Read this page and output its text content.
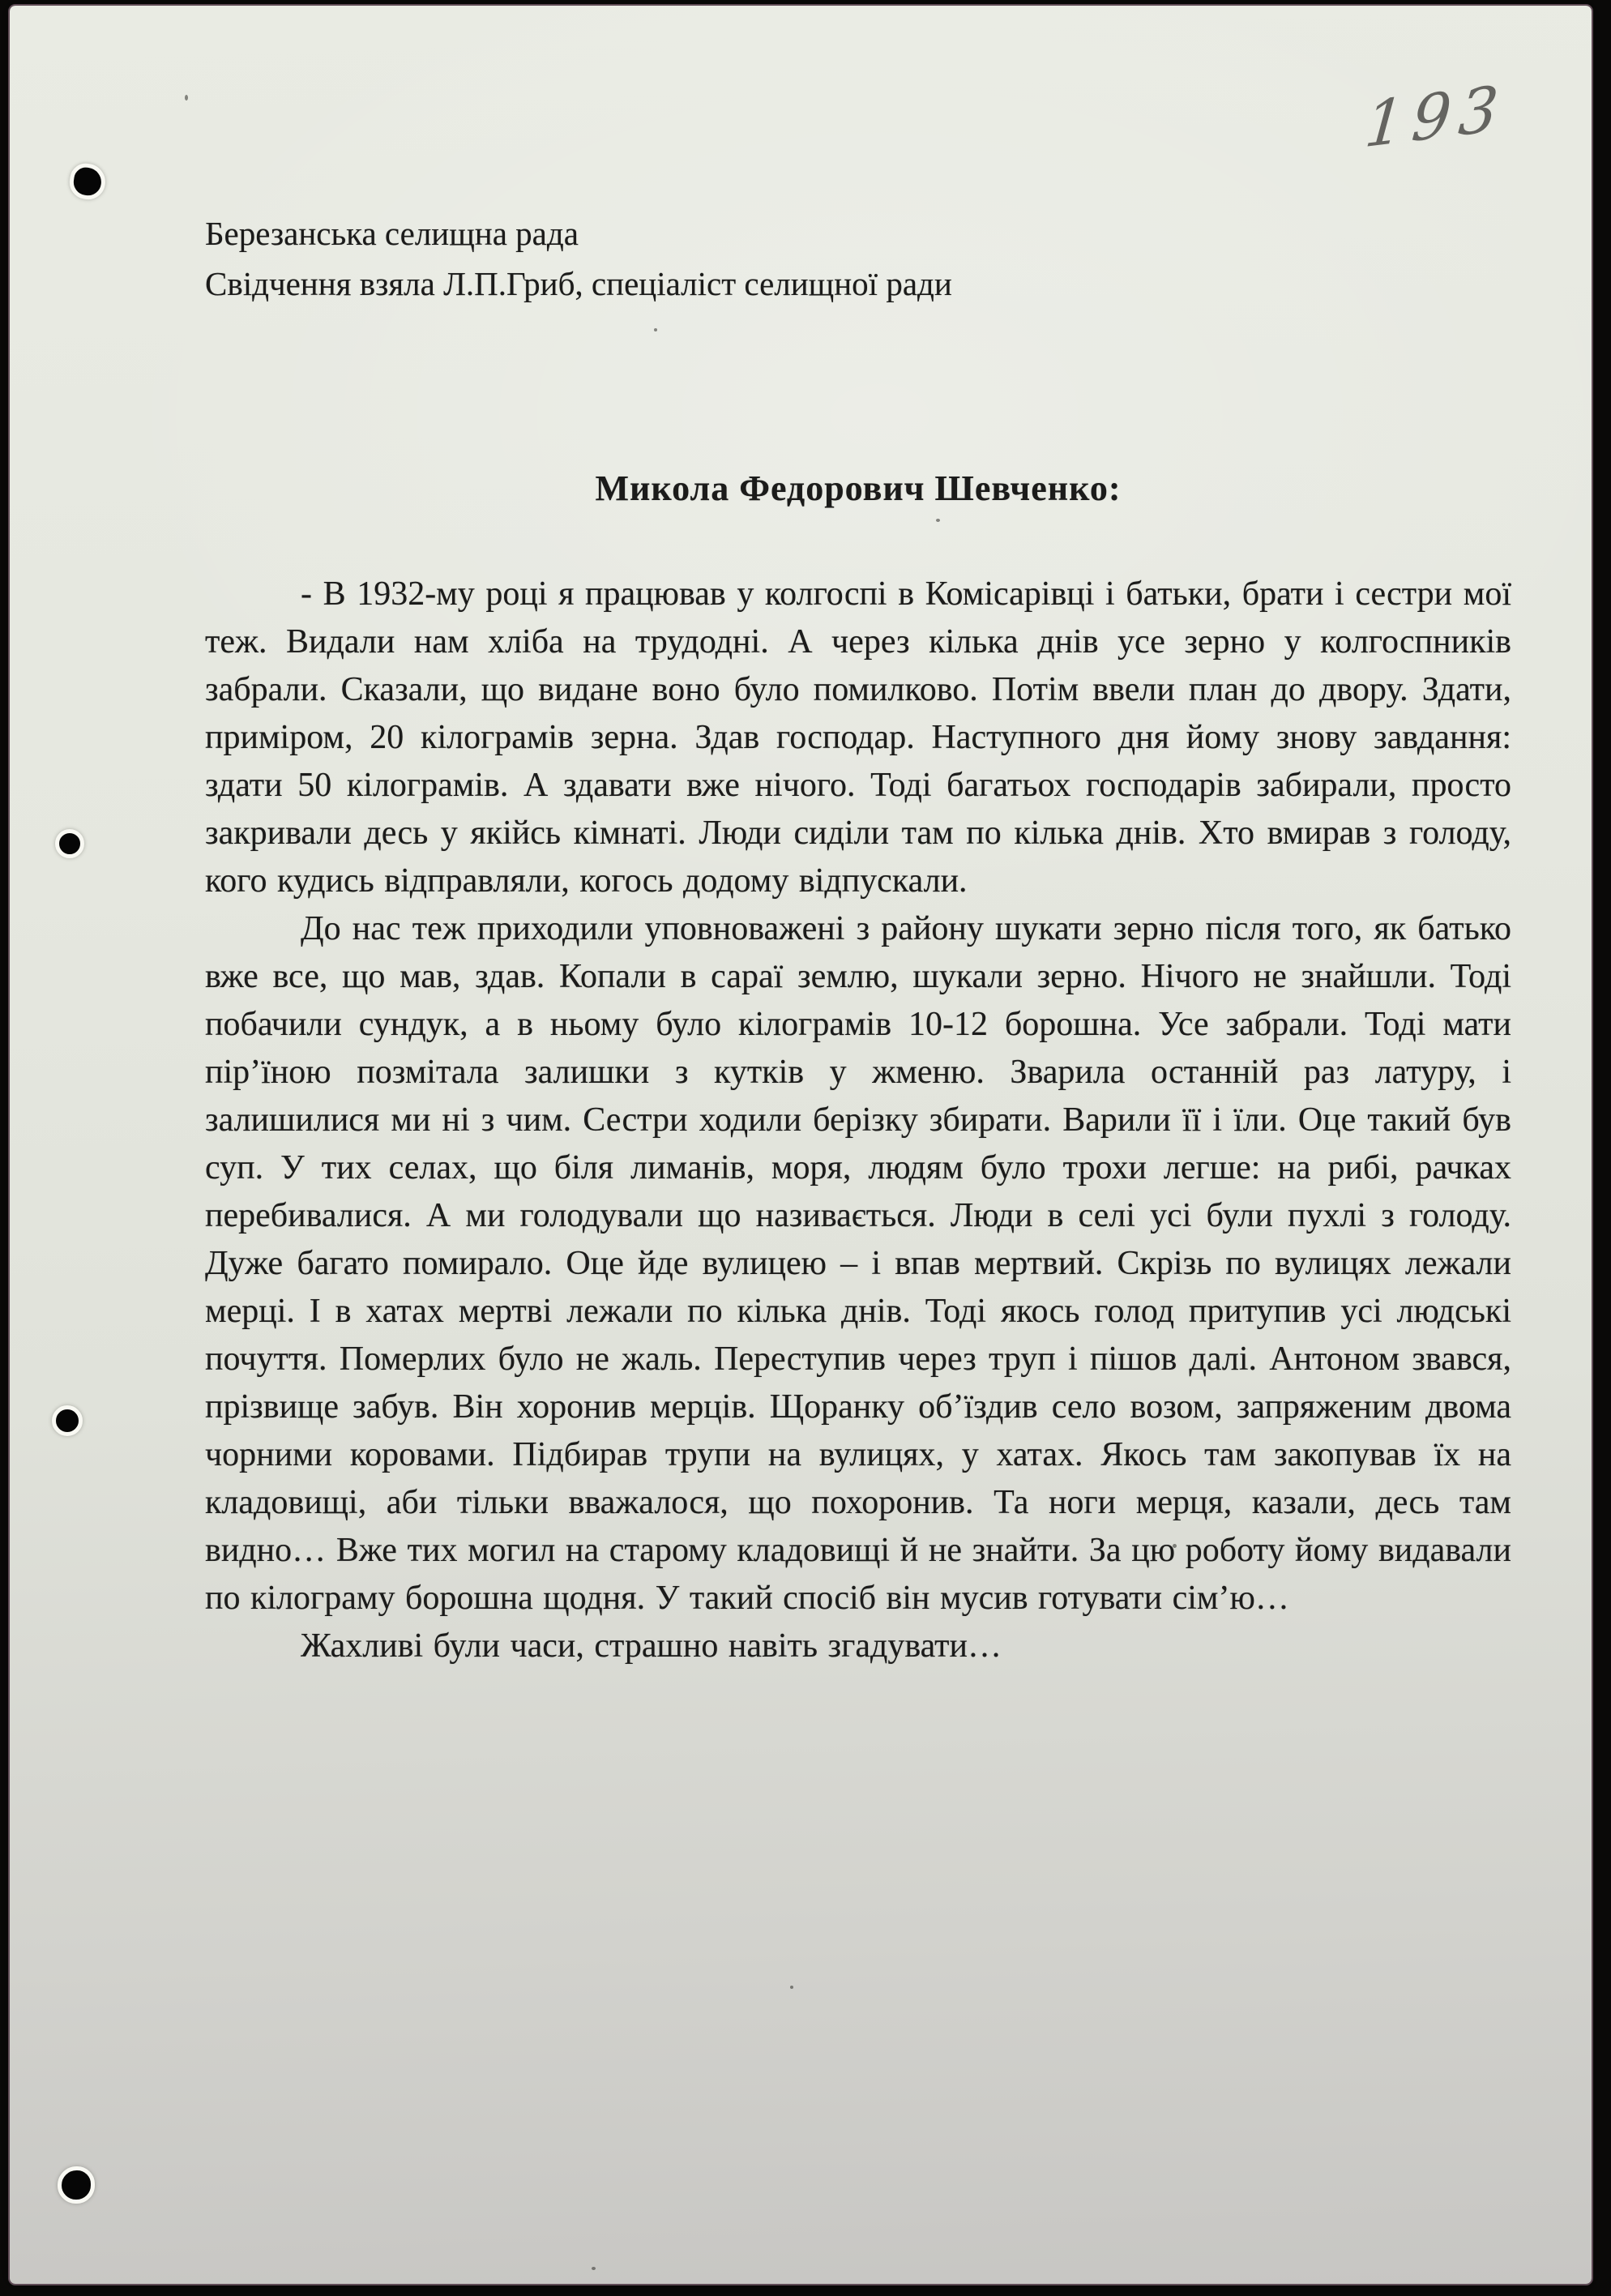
193
Березанська селищна рада
Свідчення взяла Л.П.Гриб, спеціаліст селищної ради
Микола Федорович Шевченко:

- В 1932-му році я працював у колгоспі в Комісарівці і батьки, брати і сестри мої теж. Видали нам хліба на трудодні. А через кілька днів усе зерно у колгоспників забрали. Сказали, що видане воно було помилково. Потім ввели план до двору. Здати, приміром, 20 кілограмів зерна. Здав господар. Наступного дня йому знову завдання: здати 50 кілограмів. А здавати вже нічого. Тоді багатьох господарів забирали, просто закривали десь у якійсь кімнаті. Люди сиділи там по кілька днів. Хто вмирав з голоду, кого кудись відправляли, когось додому відпускали.

До нас теж приходили уповноважені з району шукати зерно після того, як батько вже все, що мав, здав. Копали в сараї землю, шукали зерно. Нічого не знайшли. Тоді побачили сундук, а в ньому було кілограмів 10-12 борошна. Усе забрали. Тоді мати пір’їною позмітала залишки з кутків у жменю. Зварила останній раз латуру, і залишилися ми ні з чим. Сестри ходили берізку збирати. Варили її і їли. Оце такий був суп. У тих селах, що біля лиманів, моря, людям було трохи легше: на рибі, рачках перебивалися. А ми голодували що називається. Люди в селі усі були пухлі з голоду. Дуже багато помирало. Оце йде вулицею – і впав мертвий. Скрізь по вулицях лежали мерці. І в хатах мертві лежали по кілька днів. Тоді якось голод притупив усі людські почуття. Померлих було не жаль. Переступив через труп і пішов далі. Антоном звався, прізвище забув. Він хоронив мерців. Щоранку об’їздив село возом, запряженим двома чорними коровами. Підбирав трупи на вулицях, у хатах. Якось там закопував їх на кладовищі, аби тільки вважалося, що похоронив. Та ноги мерця, казали, десь там видно… Вже тих могил на старому кладовищі й не знайти. За цю роботу йому видавали по кілограму борошна щодня. У такий спосіб він мусив готувати сім’ю…

Жахливі були часи, страшно навіть згадувати…
